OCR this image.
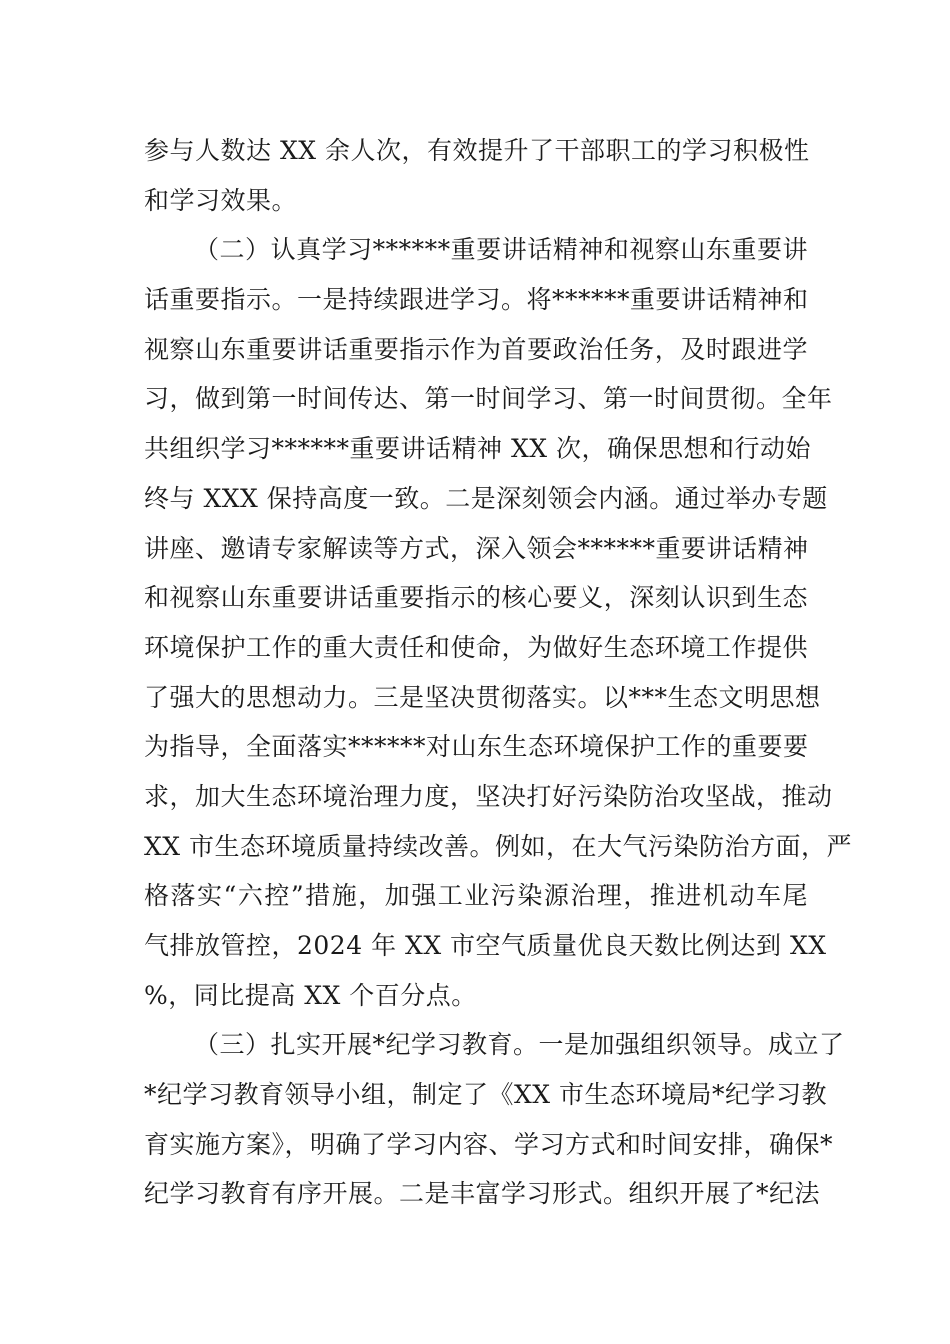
参与人数达 XX 余人次，有效提升了干部职工的学习积极性
和学习效果。
（二）认真学习******重要讲话精神和视察山东重要讲
话重要指示。一是持续跟进学习。将******重要讲话精神和
视察山东重要讲话重要指示作为首要政治任务，及时跟进学
习，做到第一时间传达、第一时间学习、第一时间贯彻。全年
共组织学习******重要讲话精神 XX 次，确保思想和行动始
终与 XXX 保持高度一致。二是深刻领会内涵。通过举办专题
讲座、邀请专家解读等方式，深入领会******重要讲话精神
和视察山东重要讲话重要指示的核心要义，深刻认识到生态
环境保护工作的重大责任和使命，为做好生态环境工作提供
了强大的思想动力。三是坚决贯彻落实。以***生态文明思想
为指导，全面落实******对山东生态环境保护工作的重要要
求，加大生态环境治理力度，坚决打好污染防治攻坚战，推动
XX 市生态环境质量持续改善。例如，在大气污染防治方面，严
格落实“六控”措施，加强工业污染源治理，推进机动车尾
气排放管控，2024 年 XX 市空气质量优良天数比例达到 XX
%，同比提高 XX 个百分点。
（三）扎实开展*纪学习教育。一是加强组织领导。成立了
*纪学习教育领导小组，制定了《XX 市生态环境局*纪学习教
育实施方案》，明确了学习内容、学习方式和时间安排，确保*
纪学习教育有序开展。二是丰富学习形式。组织开展了*纪法
